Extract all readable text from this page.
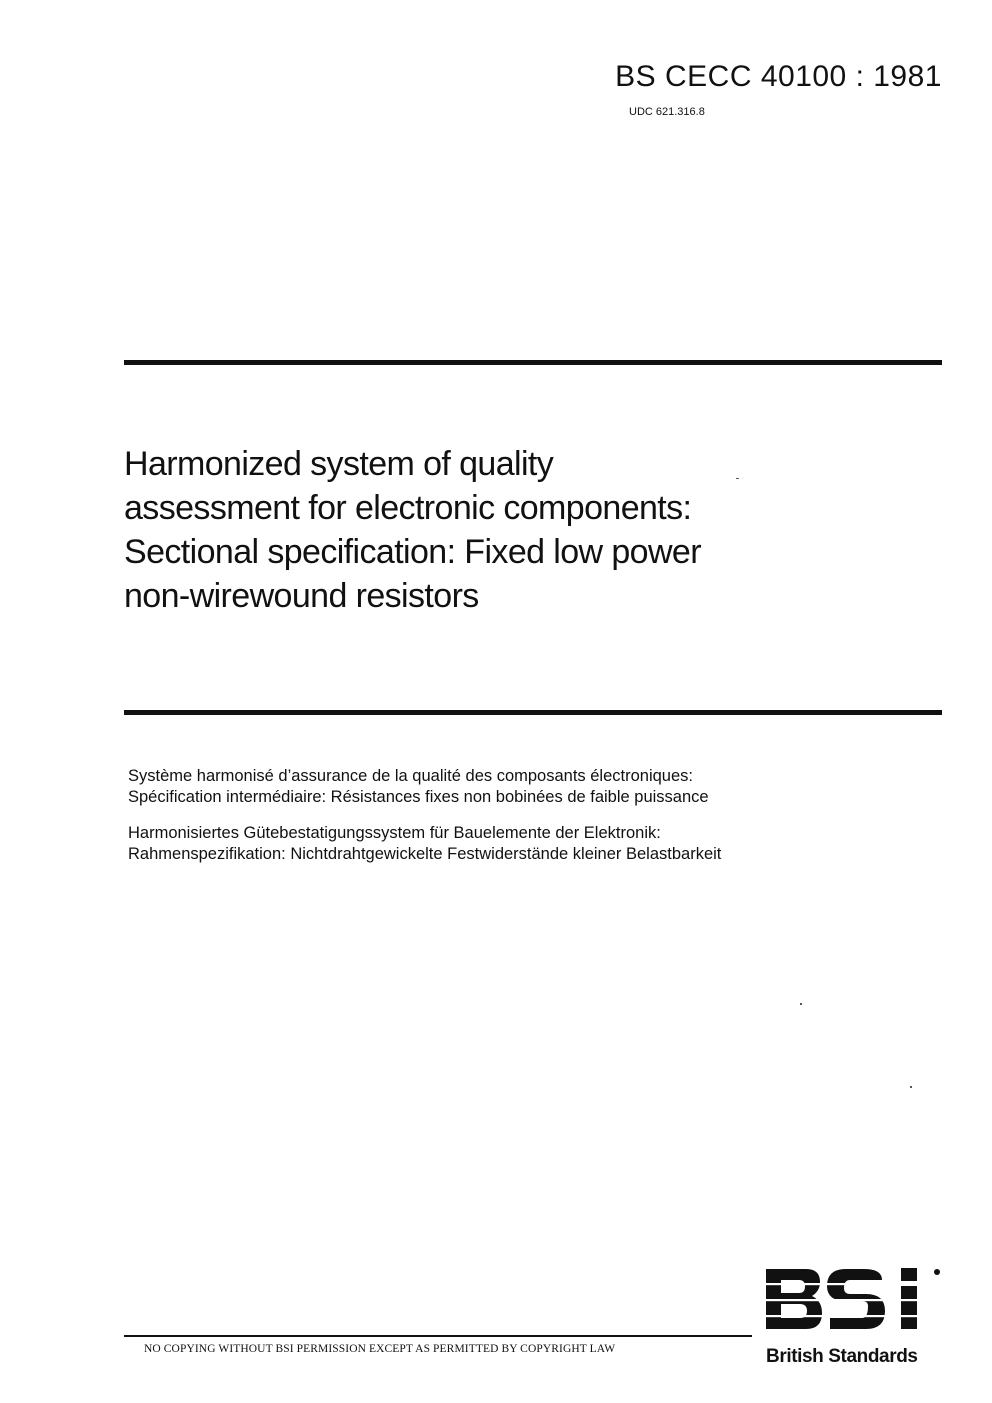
BS CECC 40100 : 1981
UDC 621.316.8
Harmonized system of quality
assessment for electronic components:
Sectional specification: Fixed low power
non-wirewound resistors
Système harmonisé d’assurance de la qualité des composants électroniques:
Spécification intermédiaire: Résistances fixes non bobinées de faible puissance
Harmonisiertes Gütebestatigungssystem für Bauelemente der Elektronik:
Rahmenspezifikation: Nichtdrahtgewickelte Festwiderstände kleiner Belastbarkeit
NO COPYING WITHOUT BSI PERMISSION EXCEPT AS PERMITTED BY COPYRIGHT LAW	British Standards
